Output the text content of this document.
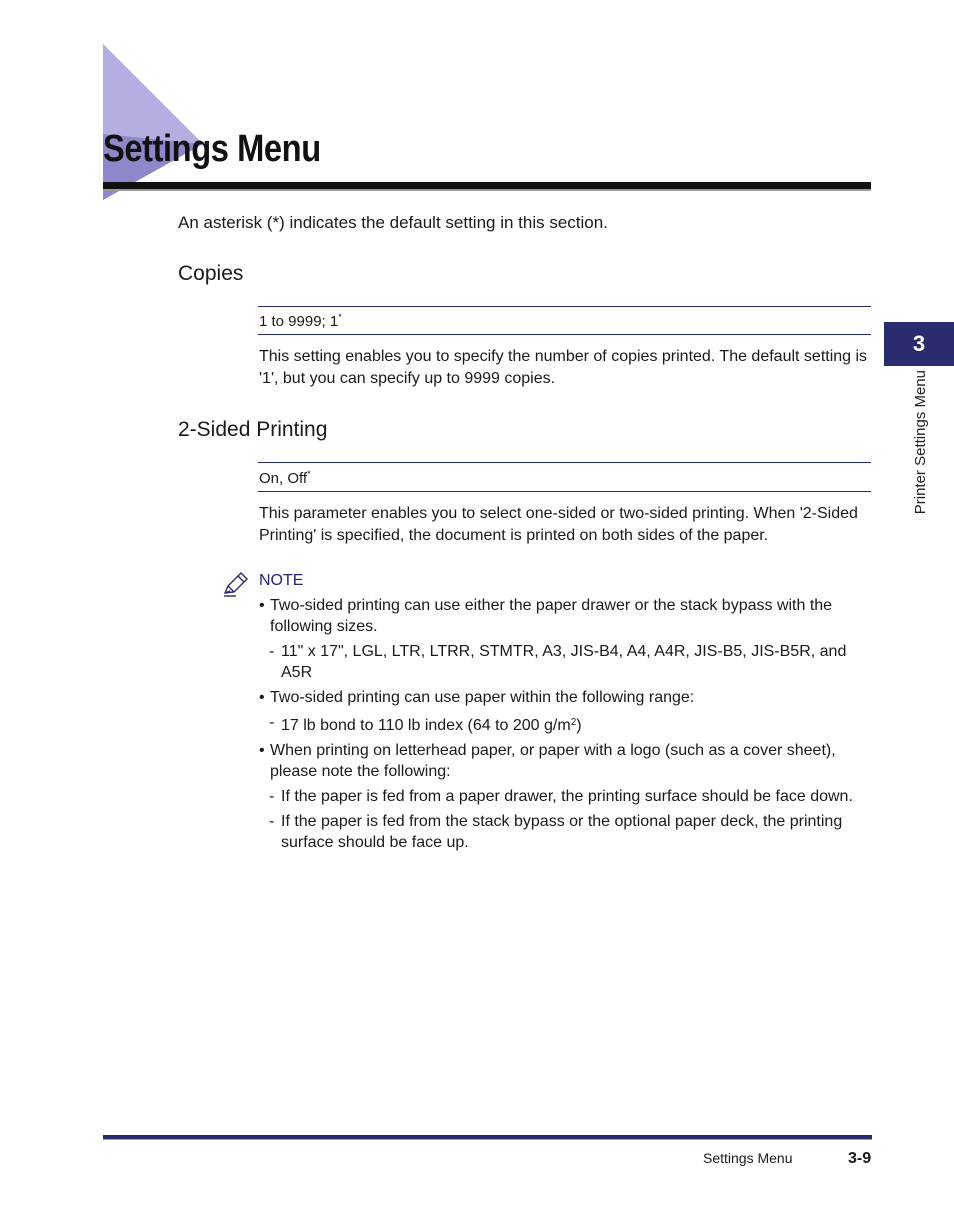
Settings Menu
An asterisk (*) indicates the default setting in this section.
Copies
1 to 9999; 1*
This setting enables you to specify the number of copies printed. The default setting is '1', but you can specify up to 9999 copies.
2-Sided Printing
On, Off*
This parameter enables you to select one-sided or two-sided printing. When '2-Sided Printing' is specified, the document is printed on both sides of the paper.
NOTE
• Two-sided printing can use either the paper drawer or the stack bypass with the following sizes.
- 11" x 17", LGL, LTR, LTRR, STMTR, A3, JIS-B4, A4, A4R, JIS-B5, JIS-B5R, and A5R
• Two-sided printing can use paper within the following range:
- 17 lb bond to 110 lb index (64 to 200 $g/m^2$)
• When printing on letterhead paper, or paper with a logo (such as a cover sheet), please note the following:
- If the paper is fed from a paper drawer, the printing surface should be face down.
- If the paper is fed from the stack bypass or the optional paper deck, the printing surface should be face up.
3
Printer Settings Menu
Settings Menu	3-9
